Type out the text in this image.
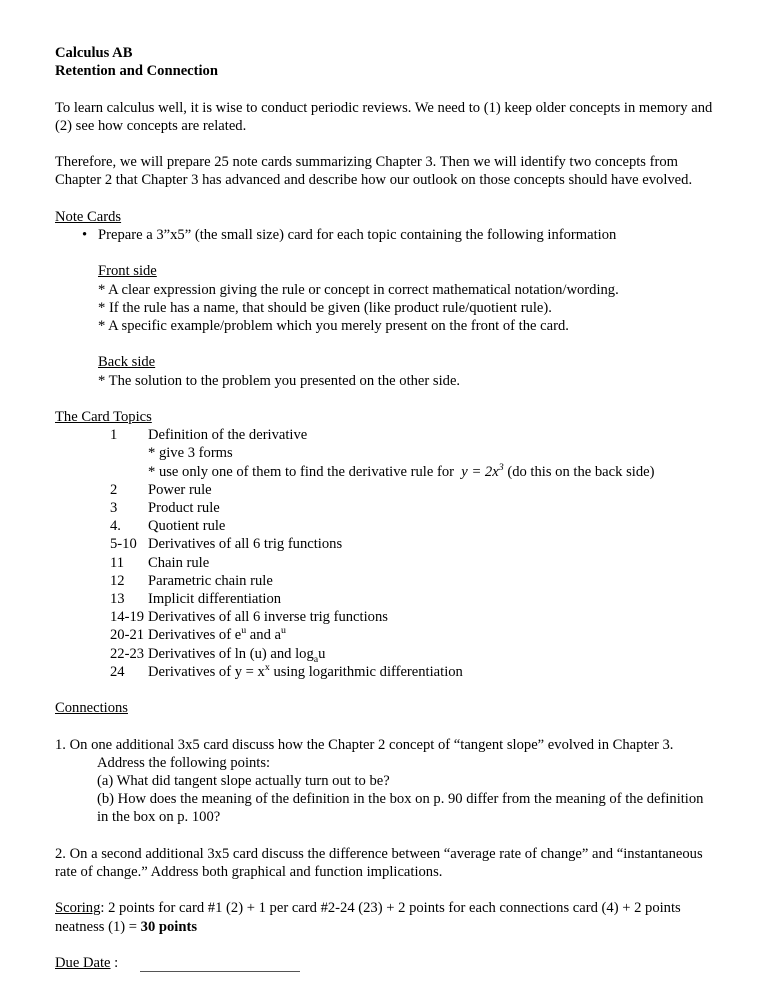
Calculus AB
Retention and Connection

To learn calculus well, it is wise to conduct periodic reviews. We need to (1) keep older concepts in memory and (2) see how concepts are related.

Therefore, we will prepare 25 note cards summarizing Chapter 3. Then we will identify two concepts from Chapter 2 that Chapter 3 has advanced and describe how our outlook on those concepts should have evolved.

Note Cards
• Prepare a 3”x5” (the small size) card for each topic containing the following information
Front side
* A clear expression giving the rule or concept in correct mathematical notation/wording.
* If the rule has a name, that should be given (like product rule/quotient rule).
* A specific example/problem which you merely present on the front of the card.
Back side
* The solution to the problem you presented on the other side.
The Card Topics
1	Definition of the derivative
* give 3 forms
* use only one of them to find the derivative rule for $y = 2x^3$ (do this on the back side)
2	Power rule
3	Product rule
4.	Quotient rule
5-10 Derivatives of all 6 trig functions
11	Chain rule
12	Parametric chain rule
13	Implicit differentiation
14-19 Derivatives of all 6 inverse trig functions
20-21 Derivatives of $e^u$ and $a^u$
22-23 Derivatives of ln (u) and $\log_au$
24	Derivatives of $y = x^x$ using logarithmic differentiation
Connections
1. On one additional 3x5 card discuss how the Chapter 2 concept of “tangent slope” evolved in Chapter 3.
Address the following points:
(a) What did tangent slope actually turn out to be?
(b) How does the meaning of the definition in the box on p. 90 differ from the meaning of the definition in the box on p. 100?
2. On a second additional 3x5 card discuss the difference between “average rate of change” and “instantaneous rate of change.” Address both graphical and function implications.
Scoring: 2 points for card #1 (2) + 1 per card #2-24 (23) + 2 points for each connections card (4) + 2 points neatness (1) = 30 points
Due Date :
